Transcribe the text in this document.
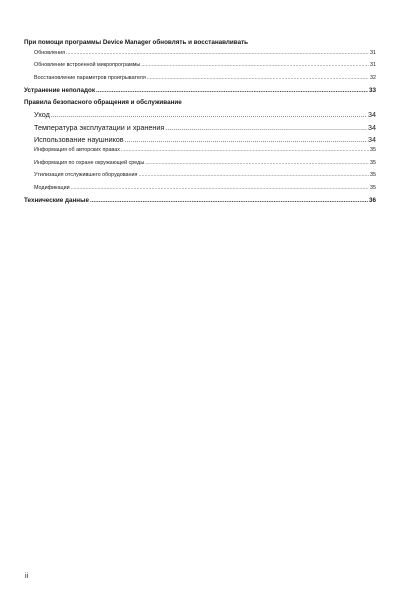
При помощи программы Device Manager обновлять и восстанавливать
Обновления .....	31
Обновление встроенной микропрограммы .....	31
Восстановление параметров проигрывателя .....	32
Устранение неполадок .....	33
Правила безопасного обращения и обслуживание
Уход .....	34
Температура эксплуатации и хранения .....	34
Использование наушников .....	34
Информация об авторских правах .....	35
Информация по охране окружающей среды .....	35
Утилизация отслужившего оборудования .....	35
Модификации .....	35
Технические данные .....	36
ii
